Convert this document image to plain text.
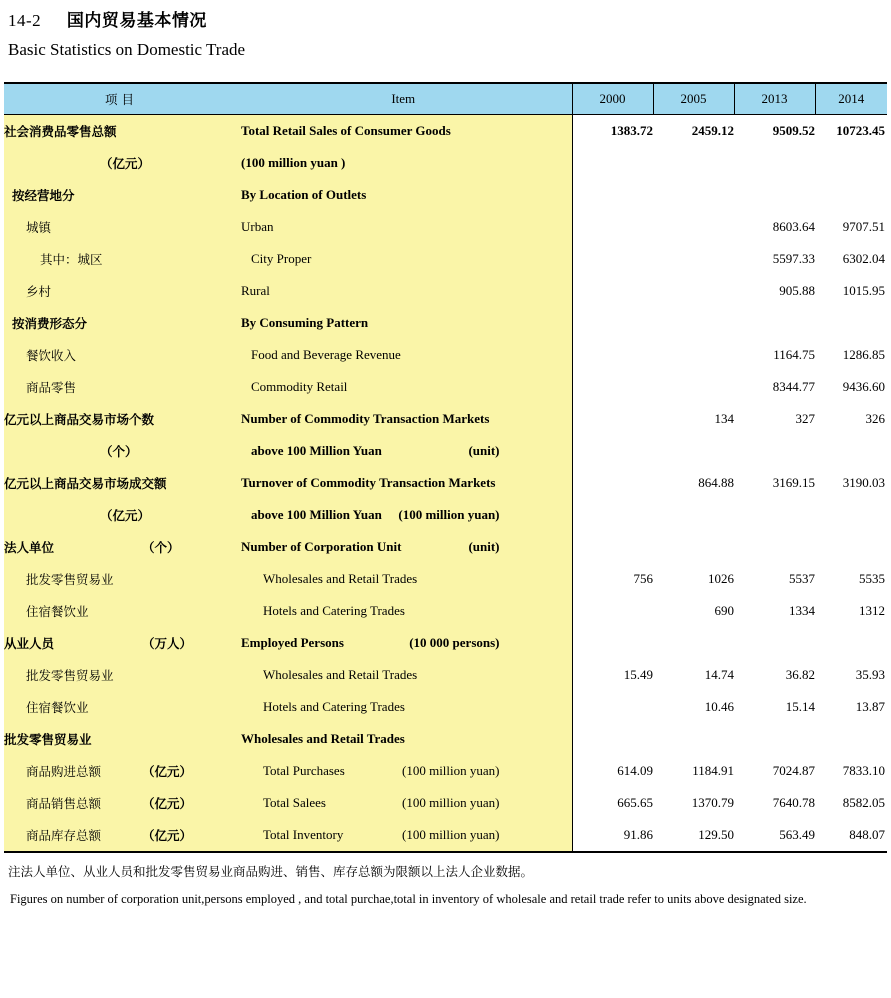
14-2 国内贸易基本情况
Basic Statistics on Domestic Trade
项 目	Item	2000	2005	2013	2014

社会消费品零售总额	Total Retail Sales of Consumer Goods	1383.72	2459.12	9509.52	10723.45

（亿元）	(100 million yuan )				

按经营地分	By Location of Outlets				

城镇	Urban			8603.64	9707.51

其中：城区	City Proper			5597.33	6302.04

乡村	Rural			905.88	1015.95

按消费形态分	By Consuming Pattern				

餐饮收入	Food and Beverage Revenue			1164.75	1286.85

商品零售	Commodity Retail			8344.77	9436.60

亿元以上商品交易市场个数	Number of Commodity Transaction Markets		134	327	326

（个）	above 100 Million Yuan (unit)				

亿元以上商品交易市场成交额	Turnover of Commodity Transaction Markets		864.88	3169.15	3190.03

（亿元）	above 100 Million Yuan (100 million yuan)				

法人单位 （个）	Number of Corporation Unit (unit)				

批发零售贸易业	Wholesales and Retail Trades	756	1026	5537	5535

住宿餐饮业	Hotels and Catering Trades		690	1334	1312

从业人员 （万人）	Employed Persons (10 000 persons)				

批发零售贸易业	Wholesales and Retail Trades	15.49	14.74	36.82	35.93

住宿餐饮业	Hotels and Catering Trades		10.46	15.14	13.87

批发零售贸易业	Wholesales and Retail Trades				

商品购进总额 （亿元）	Total Purchases (100 million yuan)	614.09	1184.91	7024.87	7833.10

商品销售总额 （亿元）	Total Salees (100 million yuan)	665.65	1370.79	7640.78	8582.05

商品库存总额 （亿元）	Total Inventory (100 million yuan)	91.86	129.50	563.49	848.07
注法人单位、从业人员和批发零售贸易业商品购进、销售、库存总额为限额以上法人企业数据。
Figures on number of corporation unit,persons employed , and total purchae,total in inventory of wholesale and retail trade refer to units above designated size.
